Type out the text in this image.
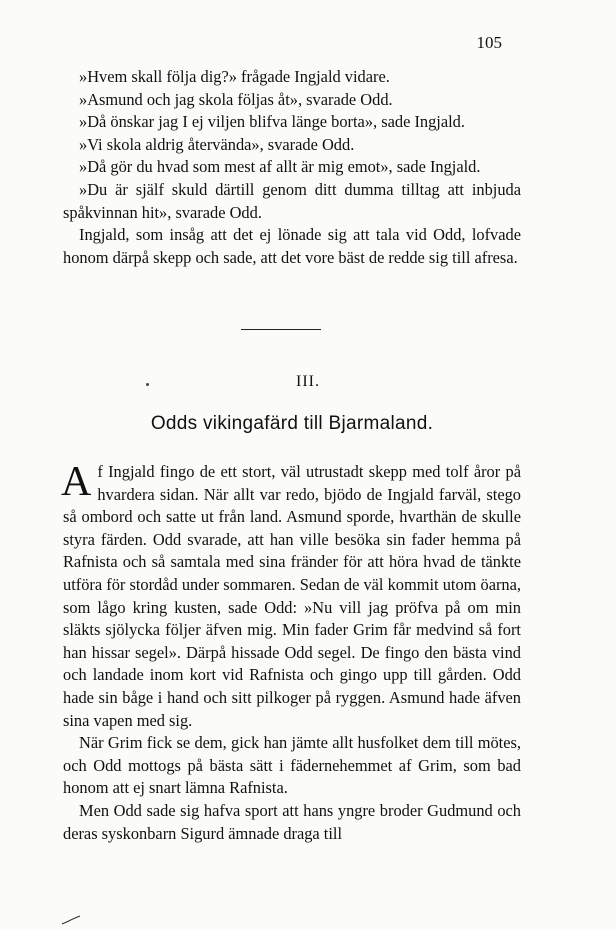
105

»Hvem skall följa dig?» frågade Ingjald vidare.

»Asmund och jag skola följas åt», svarade Odd.

»Då önskar jag I ej viljen blifva länge borta», sade Ingjald.

»Vi skola aldrig återvända», svarade Odd.

»Då gör du hvad som mest af allt är mig emot», sade Ingjald.

»Du är själf skuld därtill genom ditt dumma tilltag att inbjuda spåkvinnan hit», svarade Odd.

Ingjald, som insåg att det ej lönade sig att tala vid Odd, lofvade honom därpå skepp och sade, att det vore bäst de redde sig till afresa.

III.
Odds vikingafärd till Bjarmaland.

Af Ingjald fingo de ett stort, väl utrustadt skepp med tolf åror på hvardera sidan. När allt var redo, bjödo de Ingjald farväl, stego så ombord och satte ut från land. Asmund sporde, hvarthän de skulle styra färden. Odd svarade, att han ville besöka sin fader hemma på Rafnista och så samtala med sina fränder för att höra hvad de tänkte utföra för stordåd under sommaren. Sedan de väl kommit utom öarna, som lågo kring kusten, sade Odd: »Nu vill jag pröfva på om min släkts sjölycka följer äfven mig. Min fader Grim får medvind så fort han hissar segel». Därpå hissade Odd segel. De fingo den bästa vind och landade inom kort vid Rafnista och gingo upp till gården. Odd hade sin båge i hand och sitt pilkoger på ryggen. Asmund hade äfven sina vapen med sig.

När Grim fick se dem, gick han jämte allt husfolket dem till mötes, och Odd mottogs på bästa sätt i fädernehemmet af Grim, som bad honom att ej snart lämna Rafnista.

Men Odd sade sig hafva sport att hans yngre broder Gudmund och deras syskonbarn Sigurd ämnade draga till
